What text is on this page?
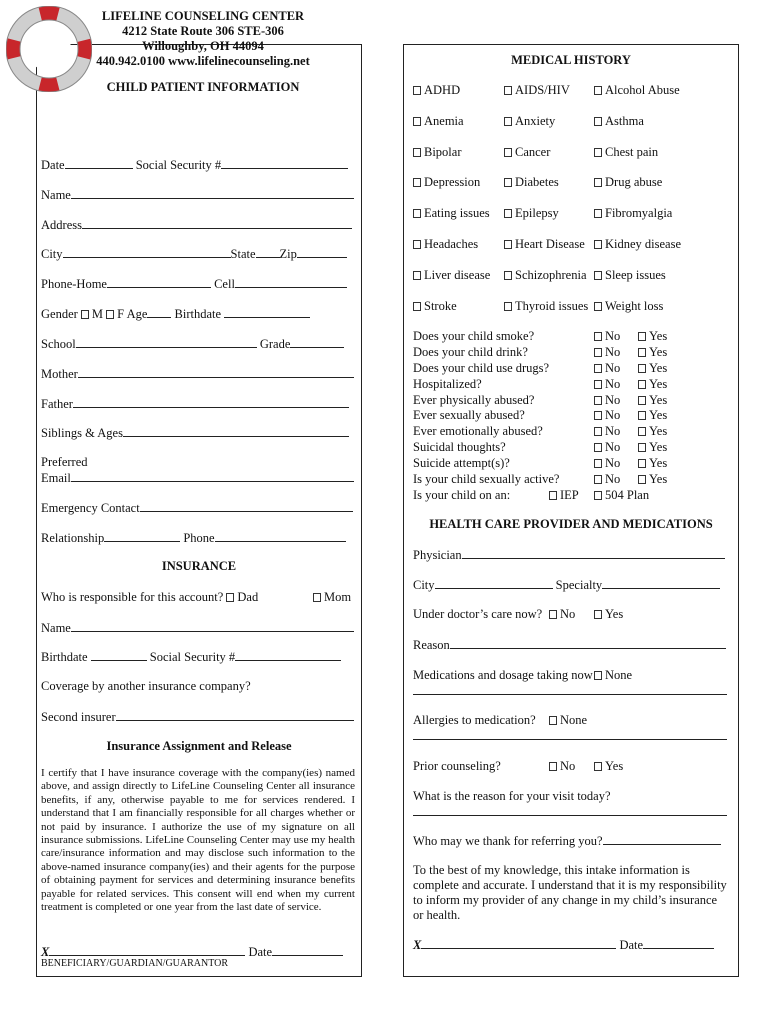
LIFELINE COUNSELING CENTER
4212 State Route 306 STE-306
Willoughby, OH 44094
440.942.0100 www.lifelinecounseling.net
CHILD PATIENT INFORMATION
Date	Social Security #
Name
Address
City	State Zip
Phone-Home	Cell
Gender M F Age Birthdate
School	Grade
Mother
Father
Siblings & Ages
Preferred
Email
Emergency Contact
Relationship	Phone
INSURANCE
Who is responsible for this account? Dad	Mom
Name
Birthdate	Social Security #
Coverage by another insurance company?
Second insurer
Insurance Assignment and Release
I certify that I have insurance coverage with the company(ies) named above, and assign directly to LifeLine Counseling Center all insurance benefits, if any, otherwise payable to me for services rendered. I understand that I am financially responsible for all charges whether or not paid by insurance. I authorize the use of my signature on all insurance submissions. LifeLine Counseling Center may use my health care/insurance information and may disclose such information to the above-named insurance company(ies) and their agents for the purpose of obtaining payment for services and determining insurance benefits payable for related services. This consent will end when my current treatment is completed or one year from the last date of service.
X	Date
BENEFICIARY/GUARDIAN/GUARANTOR
MEDICAL HISTORY
Does your child smoke?	No	Yes
Does your child drink?	No	Yes
Does your child use drugs?	No	Yes
Hospitalized?	No	Yes
Ever physically abused?	No	Yes
Ever sexually abused?	No	Yes
Ever emotionally abused?	No	Yes
Suicidal thoughts?	No	Yes
Suicide attempt(s)?	No	Yes
Is your child sexually active?	No	Yes
Is your child on an:	IEP	504 Plan
HEALTH CARE PROVIDER AND MEDICATIONS
Physician
City	Specialty
Under doctor’s care now?	No	Yes
Reason
Medications and dosage taking now None
Allergies to medication?	None
Prior counseling?	No	Yes
What is the reason for your visit today?
Who may we thank for referring you?
To the best of my knowledge, this intake information is complete and accurate. I understand that it is my responsibility to inform my provider of any change in my child’s insurance or health.
X	Date
ADHD	AIDS/HIV	Alcohol Abuse
Anemia	Anxiety	Asthma
Bipolar	Cancer	Chest pain
Depression	Diabetes	Drug abuse
Eating issues	Epilepsy	Fibromyalgia
Headaches	Heart Disease	Kidney disease
Liver disease	Schizophrenia	Sleep issues
Stroke	Thyroid issues	Weight loss
